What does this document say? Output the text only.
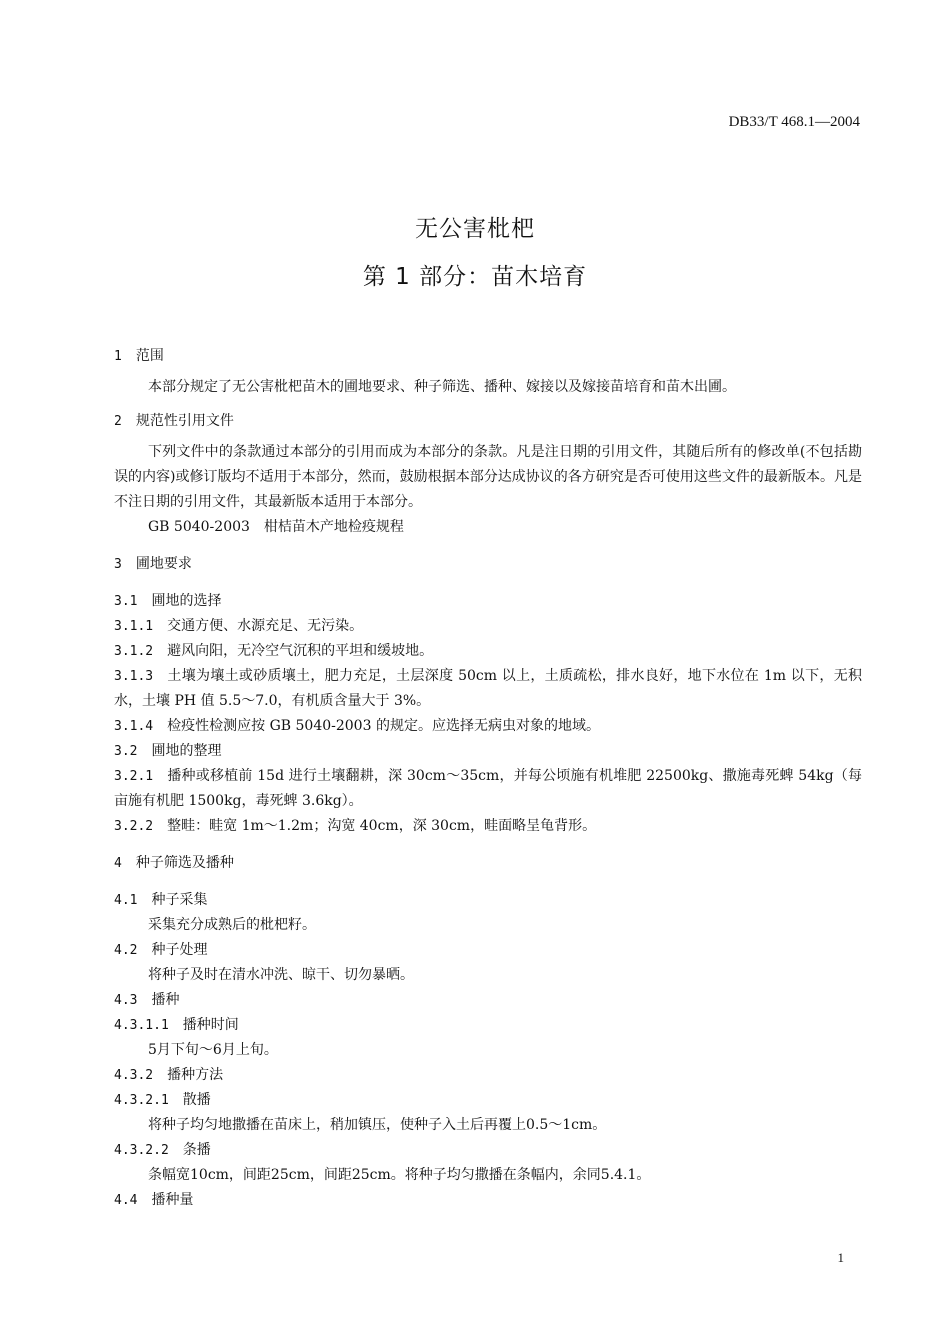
DB33/T 468.1—2004
无公害枇杷
第 1 部分：苗木培育
1 范围
本部分规定了无公害枇杷苗木的圃地要求、种子筛选、播种、嫁接以及嫁接苗培育和苗木出圃。
2 规范性引用文件
下列文件中的条款通过本部分的引用而成为本部分的条款。凡是注日期的引用文件，其随后所有的修改单(不包括勘误的内容)或修订版均不适用于本部分，然而，鼓励根据本部分达成协议的各方研究是否可使用这些文件的最新版本。凡是不注日期的引用文件，其最新版本适用于本部分。
GB 5040-2003　柑桔苗木产地检疫规程
3 圃地要求
3.1 圃地的选择
3.1.1 交通方便、水源充足、无污染。
3.1.2 避风向阳，无冷空气沉积的平坦和缓坡地。
3.1.3 土壤为壤土或砂质壤土，肥力充足，土层深度 50cm 以上，土质疏松，排水良好，地下水位在 1m 以下，无积水，土壤 PH 值 5.5～7.0，有机质含量大于 3%。
3.1.4 检疫性检测应按 GB 5040-2003 的规定。应选择无病虫对象的地域。
3.2 圃地的整理
3.2.1 播种或移植前 15d 进行土壤翻耕，深 30cm～35cm，并每公顷施有机堆肥 22500kg、撒施毒死蜱 54kg（每亩施有机肥 1500kg，毒死蜱 3.6kg）。
3.2.2 整畦：畦宽 1m～1.2m；沟宽 40cm，深 30cm，畦面略呈龟背形。
4 种子筛选及播种
4.1 种子采集
采集充分成熟后的枇杷籽。
4.2 种子处理
将种子及时在清水冲洗、晾干、切勿暴晒。
4.3 播种
4.3.1.1 播种时间
5月下旬～6月上旬。
4.3.2 播种方法
4.3.2.1 散播
将种子均匀地撒播在苗床上，稍加镇压，使种子入土后再覆上0.5～1cm。
4.3.2.2 条播
条幅宽10cm，间距25cm，间距25cm。将种子均匀撒播在条幅内，余同5.4.1。
4.4 播种量
1
